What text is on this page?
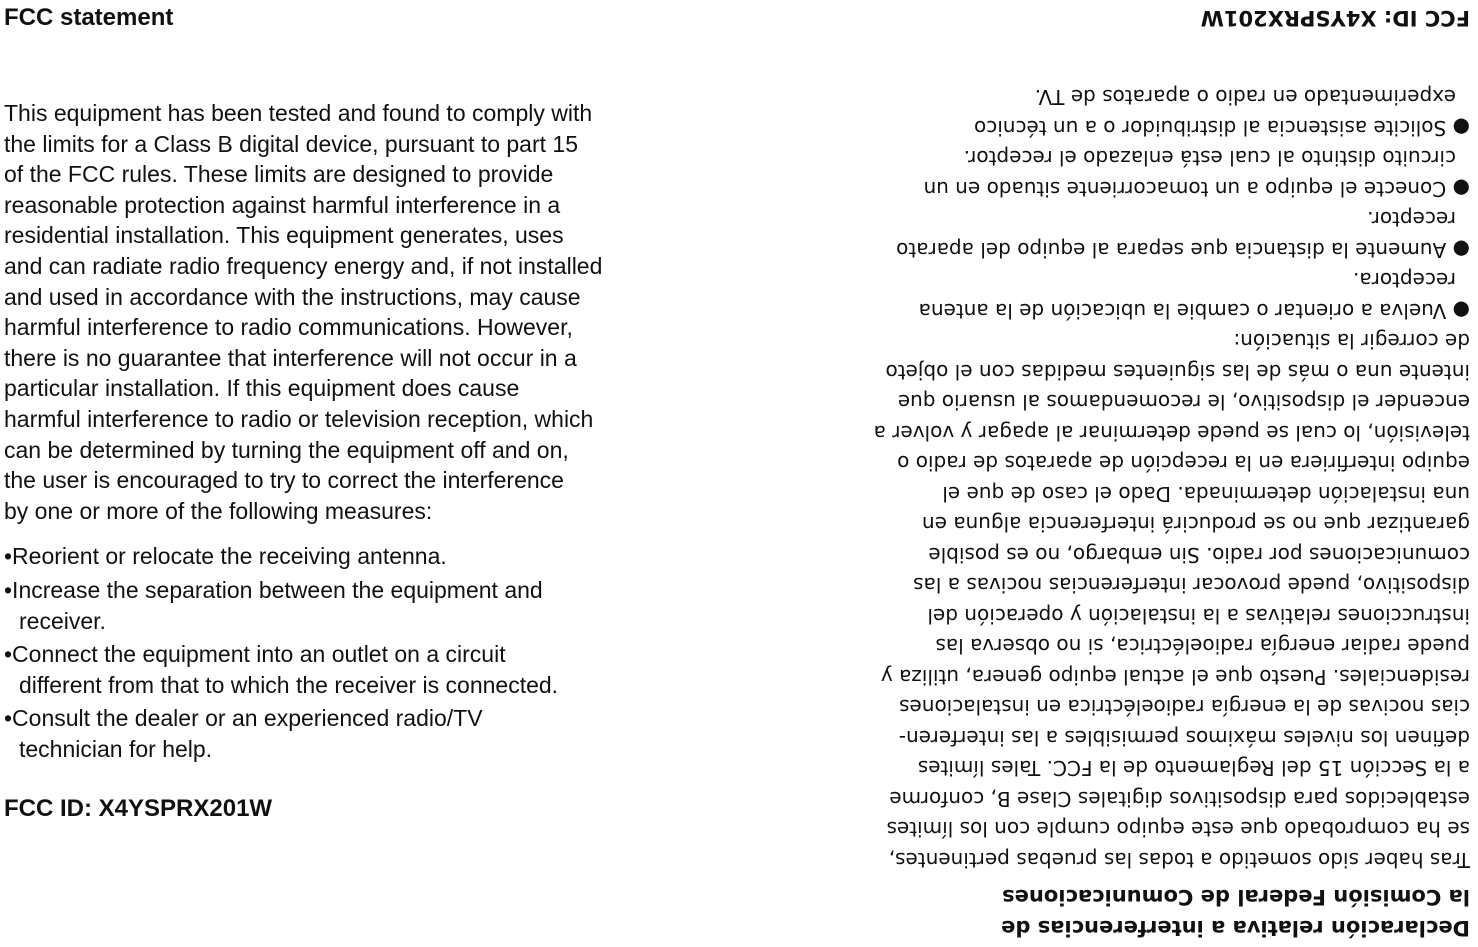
FCC statement
This equipment has been tested and found to comply with
the limits for a Class B digital device, pursuant to part 15
of the FCC rules. These limits are designed to provide
reasonable protection against harmful interference in a
residential installation. This equipment generates, uses
and can radiate radio frequency energy and, if not installed
and used in accordance with the instructions, may cause
harmful interference to radio communications. However,
there is no guarantee that interference will not occur in a
particular installation. If this equipment does cause
harmful interference to radio or television reception, which
can be determined by turning the equipment off and on,
the user is encouraged to try to correct the interference
by one or more of the following measures:
•Reorient or relocate the receiving antenna.
•Increase the separation between the equipment and
receiver.
•Connect the equipment into an outlet on a circuit
different from that to which the receiver is connected.
•Consult the dealer or an experienced radio/TV
technician for help.
FCC ID: X4YSPRX201W
Declaración relativa a interferencias de
la Comisión Federal de Comunicaciones
Tras haber sido sometido a todas las pruebas pertinentes,
se ha comprobado que este equipo cumple con los límites
establecidos para dispositivos digitales Clase B, conforme
a la Sección 15 del Reglamento de la FCC. Tales límites
definen los niveles máximos permisibles a las interferen-
cias nocivas de la energía radioeléctrica en instalaciones
residenciales. Puesto que el actual equipo genera, utiliza y
puede radiar energía radioeléctrica, si no observa las
instrucciones relativas a la instalación y operación del
dispositivo, puede provocar interferencias nocivas a las
comunicaciones por radio. Sin embargo, no es posible
garantizar que no se producirá interferencia alguna en
una instalación determinada. Dado el caso de que el
equipo interfiriera en la recepción de aparatos de radio o
televisión, lo cual se puede determinar al apagar y volver a
encender el dispositivo, le recomendamos al usuario que
intente una o más de las siguientes medidas con el objeto
de corregir la situación:
● Vuelva a orientar o cambie la ubicación de la antena
receptora.
● Aumente la distancia que separa al equipo del aparato
receptor.
● Conecte el equipo a un tomacorriente situado en un
circuito distinto al cual está enlazado el receptor.
● Solicite asistencia al distribuidor o a un técnico
experimentado en radio o aparatos de TV.
FCC ID: X4YSPRX201W
